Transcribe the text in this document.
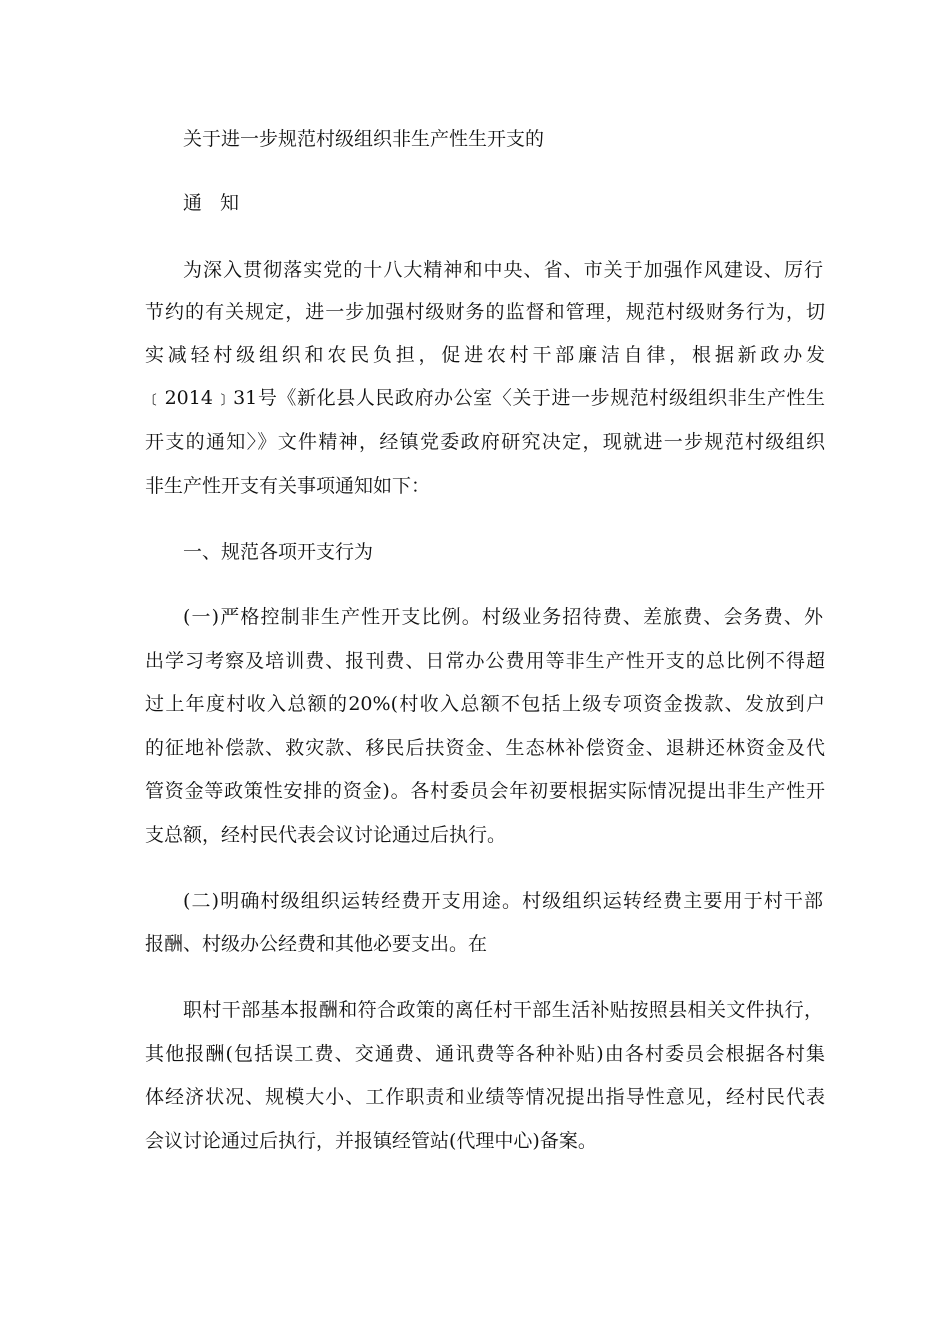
关于进一步规范村级组织非生产性生开支的
通 知
为深入贯彻落实党的十八大精神和中央、省、市关于加强作风建设、厉行
节约的有关规定，进一步加强村级财务的监督和管理，规范村级财务行为，切
实减轻村级组织和农民负担，促进农村干部廉洁自律，根据新政办发
﹝2014﹞31号《新化县人民政府办公室〈关于进一步规范村级组织非生产性生
开支的通知〉》文件精神，经镇党委政府研究决定，现就进一步规范村级组织
非生产性开支有关事项通知如下：
一、规范各项开支行为
(一)严格控制非生产性开支比例。村级业务招待费、差旅费、会务费、外
出学习考察及培训费、报刊费、日常办公费用等非生产性开支的总比例不得超
过上年度村收入总额的20%(村收入总额不包括上级专项资金拨款、发放到户
的征地补偿款、救灾款、移民后扶资金、生态林补偿资金、退耕还林资金及代
管资金等政策性安排的资金)。各村委员会年初要根据实际情况提出非生产性开
支总额，经村民代表会议讨论通过后执行。
(二)明确村级组织运转经费开支用途。村级组织运转经费主要用于村干部
报酬、村级办公经费和其他必要支出。在
职村干部基本报酬和符合政策的离任村干部生活补贴按照县相关文件执行，
其他报酬(包括误工费、交通费、通讯费等各种补贴)由各村委员会根据各村集
体经济状况、规模大小、工作职责和业绩等情况提出指导性意见，经村民代表
会议讨论通过后执行，并报镇经管站(代理中心)备案。
